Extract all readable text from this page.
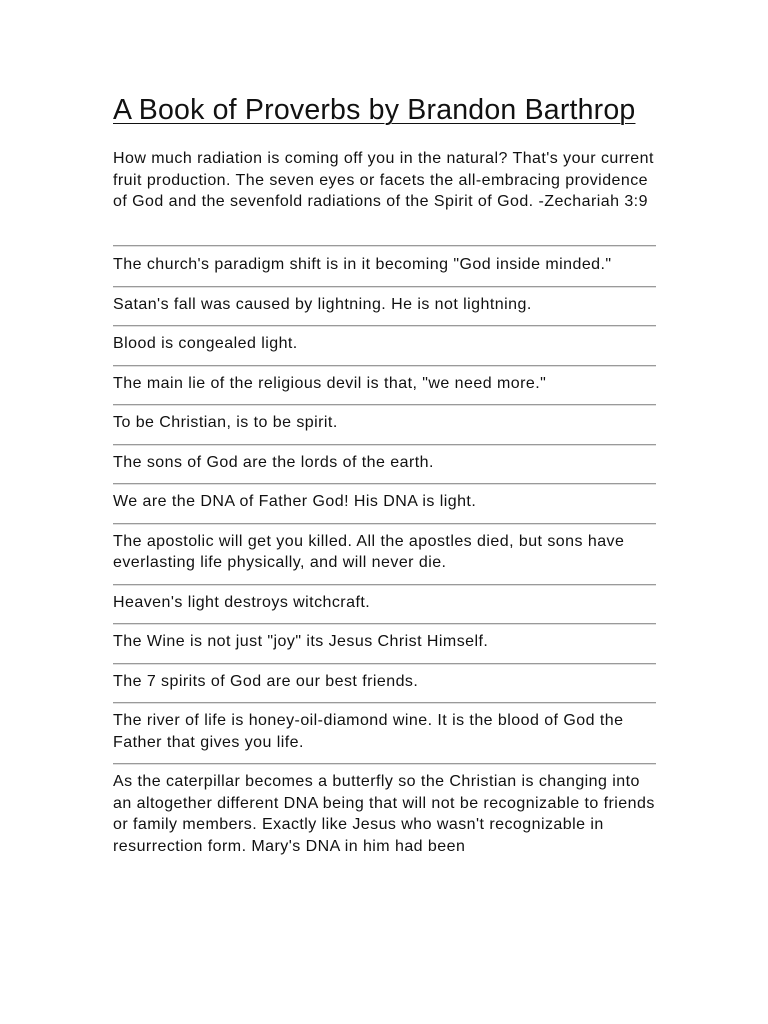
A Book of Proverbs by Brandon Barthrop
How much radiation is coming off you in the natural? That's your current fruit production. The seven eyes or facets the all-embracing providence of God and the sevenfold radiations of the Spirit of God. -Zechariah 3:9
The church's paradigm shift is in it becoming "God inside minded."
Satan's fall was caused by lightning. He is not lightning.
Blood is congealed light.
The main lie of the religious devil is that, "we need more."
To be Christian, is to be spirit.
The sons of God are the lords of the earth.
We are the DNA of Father God! His DNA is light.
The apostolic will get you killed. All the apostles died, but sons have everlasting life physically, and will never die.
Heaven's light destroys witchcraft.
The Wine is not just "joy" its Jesus Christ Himself.
The 7 spirits of God are our best friends.
The river of life is honey-oil-diamond wine. It is the blood of God the Father that gives you life.
As the caterpillar becomes a butterfly so the Christian is changing into an altogether different DNA being that will not be recognizable to friends or family members. Exactly like Jesus who wasn't recognizable in resurrection form. Mary's DNA in him had been
